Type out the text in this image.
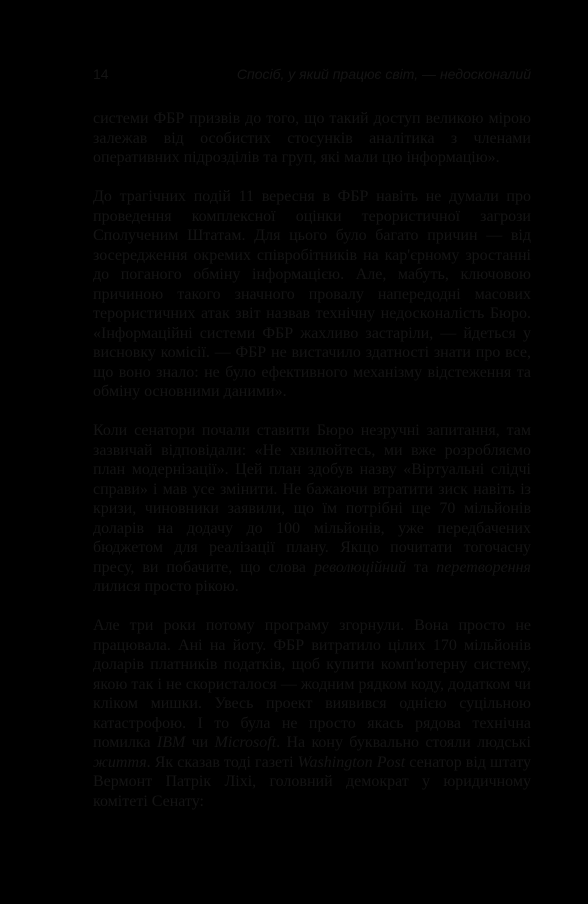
14	Спосіб, у який працює світ, — недосконалий

системи ФБР призвів до того, що такий доступ великою мірою залежав від особистих стосунків аналітика з членами оперативних підрозділів та груп, які мали цю інформацію».

До трагічних подій 11 вересня в ФБР навіть не думали про проведення комплексної оцінки терористичної загрози Сполученим Штатам. Для цього було багато причин — від зосередження окремих співробітників на кар'єрному зростанні до поганого обміну інформацією. Але, мабуть, ключовою причиною такого значного провалу напередодні масових терористичних атак звіт назвав технічну недосконалість Бюро. «Інформаційні системи ФБР жахливо застаріли, — йдеться у висновку комісії. — ФБР не вистачило здатності знати про все, що воно знало: не було ефективного механізму відстеження та обміну основними даними».

Коли сенатори почали ставити Бюро незручні запитання, там зазвичай відповідали: «Не хвилюйтесь, ми вже розробляємо план модернізації». Цей план здобув назву «Віртуальні слідчі справи» і мав усе змінити. Не бажаючи втратити зиск навіть із кризи, чиновники заявили, що їм потрібні ще 70 мільйонів доларів на додачу до 100 мільйонів, уже передбачених бюджетом для реалізації плану. Якщо почитати тогочасну пресу, ви побачите, що слова революційний та перетворення лилися просто рікою.

Але три роки потому програму згорнули. Вона просто не працювала. Ані на йоту. ФБР витратило цілих 170 мільйонів доларів платників податків, щоб купити комп'ютерну систему, якою так і не скористалося — жодним рядком коду, додатком чи кліком мишки. Увесь проект виявився однією суцільною катастрофою. І то була не просто якась рядова технічна помилка IBM чи Microsoft. На кону буквально стояли людські життя. Як сказав тоді газеті Washington Post сенатор від штату Вермонт Патрік Ліхі, головний демократ у юридичному комітеті Сенату:
